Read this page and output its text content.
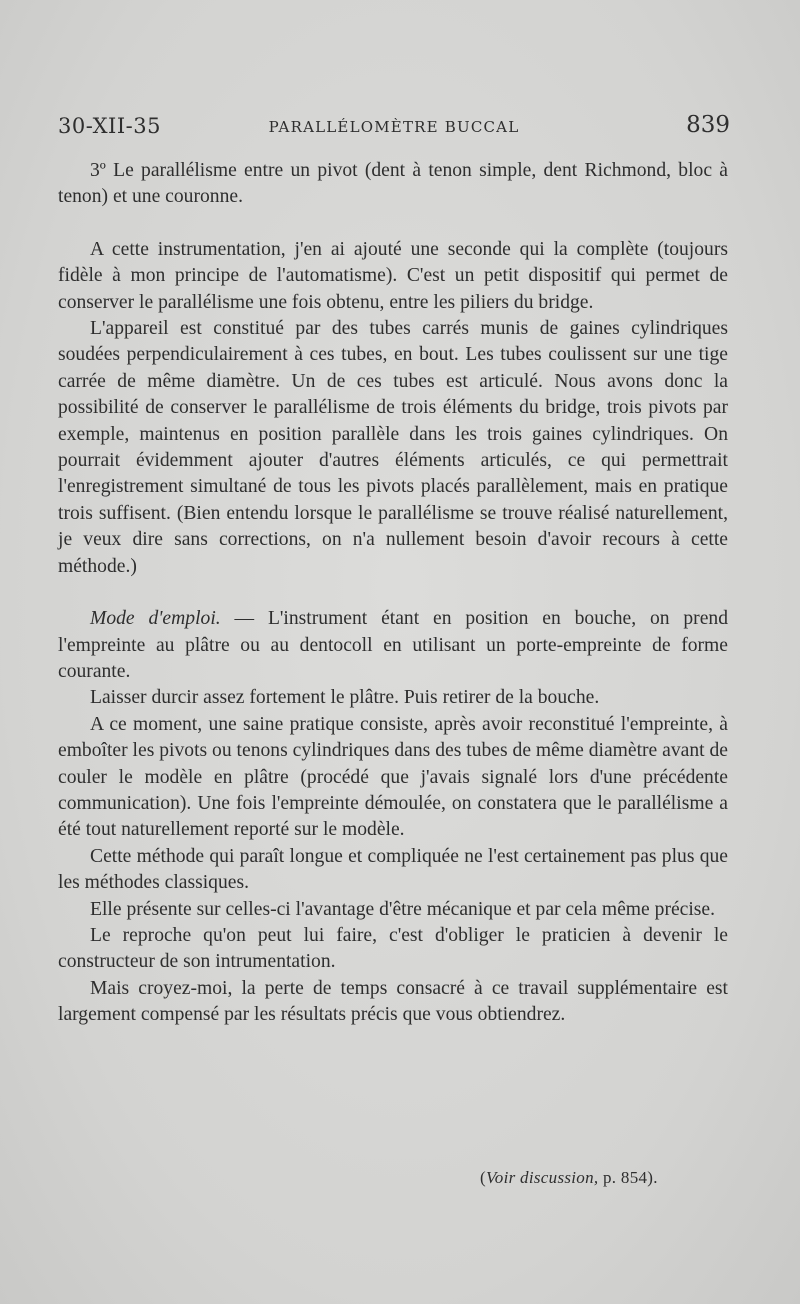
30-XII-35	PARALLÉLOMÈTRE BUCCAL	839

3º Le parallélisme entre un pivot (dent à tenon simple, dent Richmond, bloc à tenon) et une couronne.

A cette instrumentation, j'en ai ajouté une seconde qui la complète (toujours fidèle à mon principe de l'automatisme). C'est un petit dispositif qui permet de conserver le parallélisme une fois obtenu, entre les piliers du bridge.

L'appareil est constitué par des tubes carrés munis de gaines cylindriques soudées perpendiculairement à ces tubes, en bout. Les tubes coulissent sur une tige carrée de même diamètre. Un de ces tubes est articulé. Nous avons donc la possibilité de conserver le parallélisme de trois éléments du bridge, trois pivots par exemple, maintenus en position parallèle dans les trois gaines cylindriques. On pourrait évidemment ajouter d'autres éléments articulés, ce qui permettrait l'enregistrement simultané de tous les pivots placés parallèlement, mais en pratique trois suffisent. (Bien entendu lorsque le parallélisme se trouve réalisé naturellement, je veux dire sans corrections, on n'a nullement besoin d'avoir recours à cette méthode.)

Mode d'emploi. — L'instrument étant en position en bouche, on prend l'empreinte au plâtre ou au dentocoll en utilisant un porte-empreinte de forme courante.

Laisser durcir assez fortement le plâtre. Puis retirer de la bouche.

A ce moment, une saine pratique consiste, après avoir reconstitué l'empreinte, à emboîter les pivots ou tenons cylindriques dans des tubes de même diamètre avant de couler le modèle en plâtre (procédé que j'avais signalé lors d'une précédente communication). Une fois l'empreinte démoulée, on constatera que le parallélisme a été tout naturellement reporté sur le modèle.

Cette méthode qui paraît longue et compliquée ne l'est certainement pas plus que les méthodes classiques.

Elle présente sur celles-ci l'avantage d'être mécanique et par cela même précise.

Le reproche qu'on peut lui faire, c'est d'obliger le praticien à devenir le constructeur de son intrumentation.

Mais croyez-moi, la perte de temps consacré à ce travail supplémentaire est largement compensé par les résultats précis que vous obtiendrez.

(Voir discussion, p. 854).
